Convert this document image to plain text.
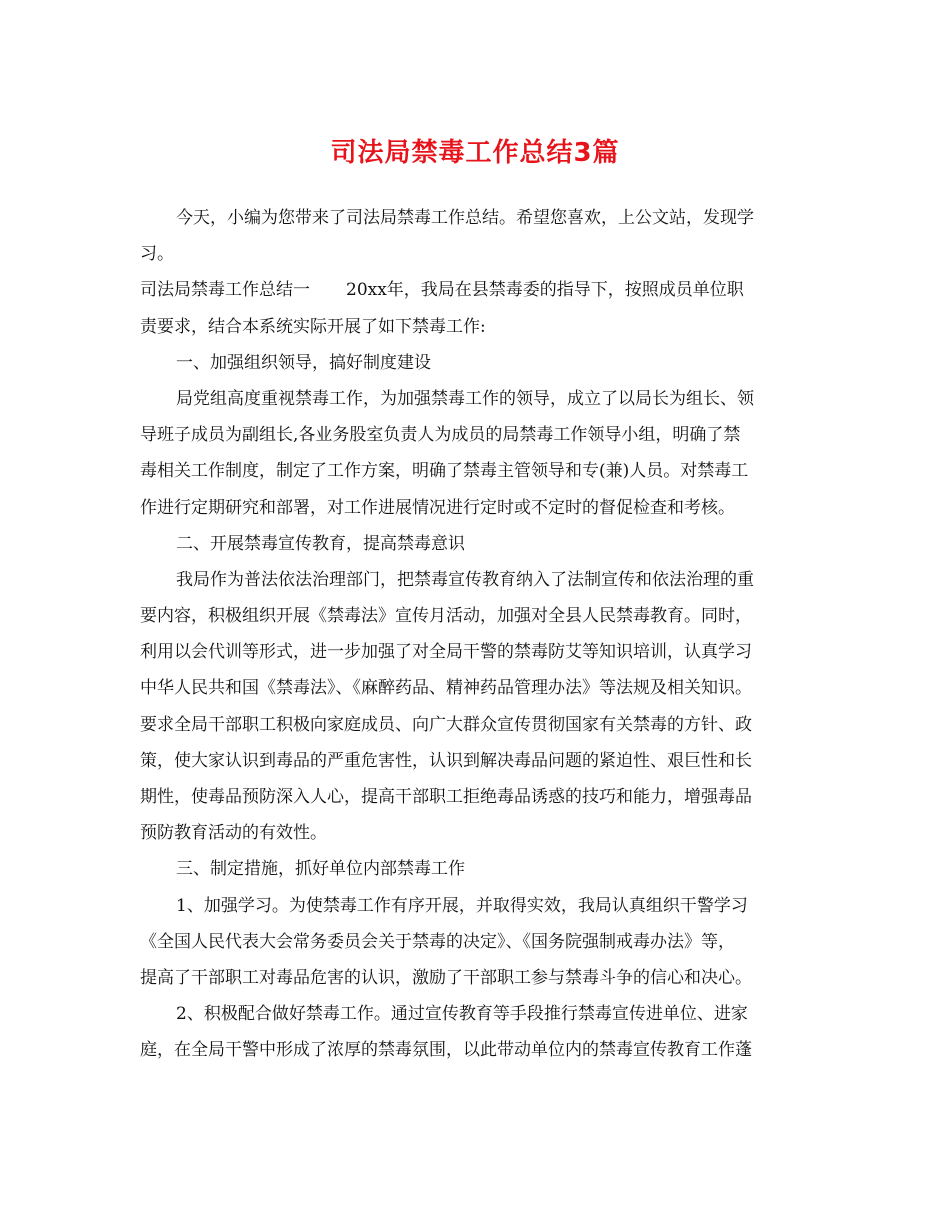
司法局禁毒工作总结3篇
今天，小编为您带来了司法局禁毒工作总结。希望您喜欢，上公文站，发现学
习。
司法局禁毒工作总结一 20xx年，我局在县禁毒委的指导下，按照成员单位职
责要求，结合本系统实际开展了如下禁毒工作:
一、加强组织领导，搞好制度建设
局党组高度重视禁毒工作，为加强禁毒工作的领导，成立了以局长为组长、领
导班子成员为副组长,各业务股室负责人为成员的局禁毒工作领导小组，明确了禁
毒相关工作制度，制定了工作方案，明确了禁毒主管领导和专(兼)人员。对禁毒工
作进行定期研究和部署，对工作进展情况进行定时或不定时的督促检查和考核。
二、开展禁毒宣传教育，提高禁毒意识
我局作为普法依法治理部门，把禁毒宣传教育纳入了法制宣传和依法治理的重
要内容，积极组织开展《禁毒法》宣传月活动，加强对全县人民禁毒教育。同时，
利用以会代训等形式，进一步加强了对全局干警的禁毒防艾等知识培训，认真学习
中华人民共和国《禁毒法》、《麻醉药品、精神药品管理办法》等法规及相关知识。
要求全局干部职工积极向家庭成员、向广大群众宣传贯彻国家有关禁毒的方针、政
策，使大家认识到毒品的严重危害性，认识到解决毒品问题的紧迫性、艰巨性和长
期性，使毒品预防深入人心，提高干部职工拒绝毒品诱惑的技巧和能力，增强毒品
预防教育活动的有效性。
三、制定措施，抓好单位内部禁毒工作
1、加强学习。为使禁毒工作有序开展，并取得实效，我局认真组织干警学习
《全国人民代表大会常务委员会关于禁毒的决定》、《国务院强制戒毒办法》等，
提高了干部职工对毒品危害的认识，激励了干部职工参与禁毒斗争的信心和决心。
2、积极配合做好禁毒工作。通过宣传教育等手段推行禁毒宣传进单位、进家
庭，在全局干警中形成了浓厚的禁毒氛围，以此带动单位内的禁毒宣传教育工作蓬
